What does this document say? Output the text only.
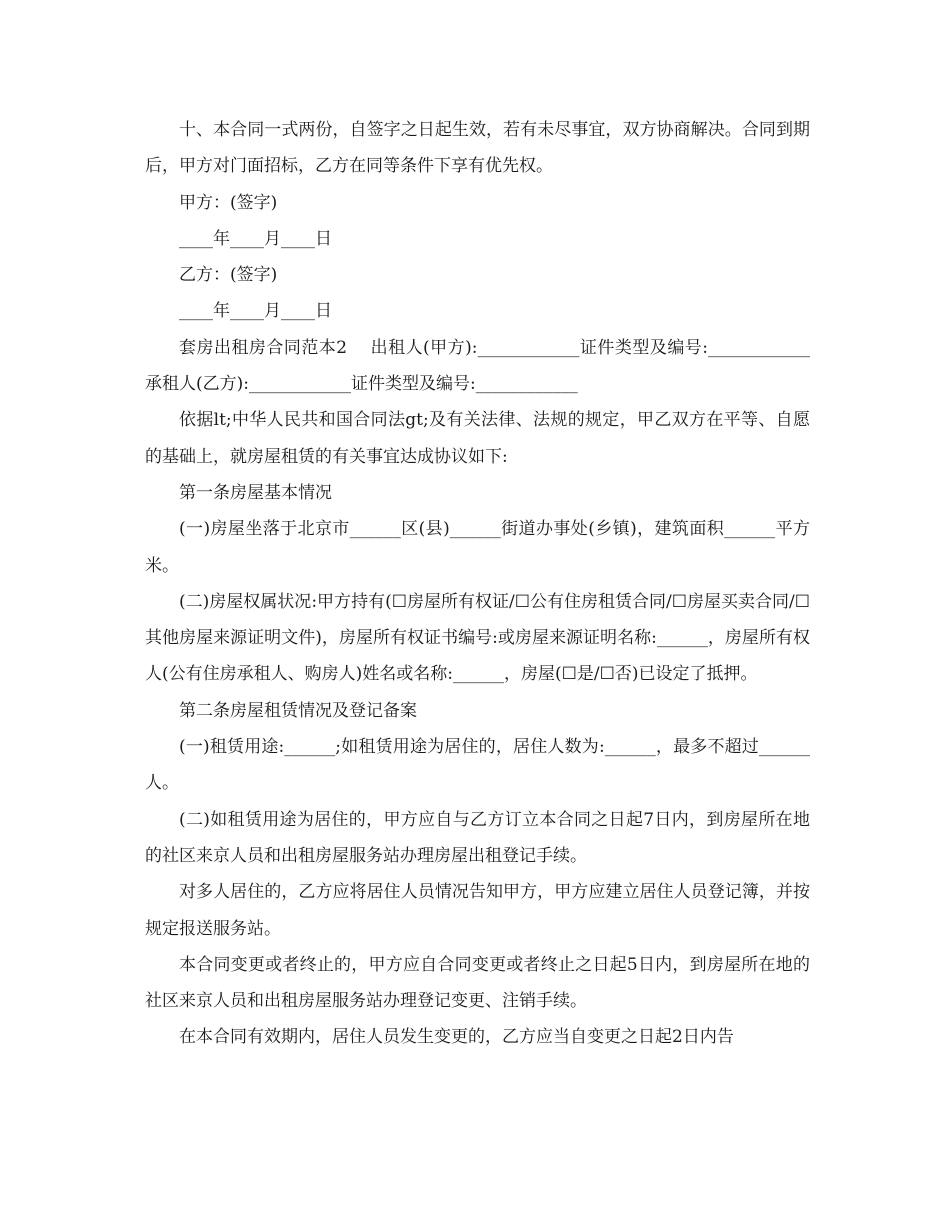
十、本合同一式两份，自签字之日起生效，若有未尽事宜，双方协商解决。合同到期后，甲方对门面招标，乙方在同等条件下享有优先权。

甲方：(签字)

____年____月____日

乙方：(签字)

____年____月____日

套房出租房合同范本2    出租人(甲方):____________证件类型及编号:____________承租人(乙方):____________证件类型及编号:____________

依据lt;中华人民共和国合同法gt;及有关法律、法规的规定，甲乙双方在平等、自愿的基础上，就房屋租赁的有关事宜达成协议如下:

第一条房屋基本情况

(一)房屋坐落于北京市______区(县)______街道办事处(乡镇)，建筑面积______平方米。

(二)房屋权属状况:甲方持有(☐房屋所有权证/☐公有住房租赁合同/☐房屋买卖合同/☐其他房屋来源证明文件)，房屋所有权证书编号:或房屋来源证明名称:______，房屋所有权人(公有住房承租人、购房人)姓名或名称:______，房屋(☐是/☐否)已设定了抵押。

第二条房屋租赁情况及登记备案

(一)租赁用途:______;如租赁用途为居住的，居住人数为:______，最多不超过______人。

(二)如租赁用途为居住的，甲方应自与乙方订立本合同之日起7日内，到房屋所在地的社区来京人员和出租房屋服务站办理房屋出租登记手续。

对多人居住的，乙方应将居住人员情况告知甲方，甲方应建立居住人员登记簿，并按规定报送服务站。

本合同变更或者终止的，甲方应自合同变更或者终止之日起5日内，到房屋所在地的社区来京人员和出租房屋服务站办理登记变更、注销手续。

在本合同有效期内，居住人员发生变更的，乙方应当自变更之日起2日内告
